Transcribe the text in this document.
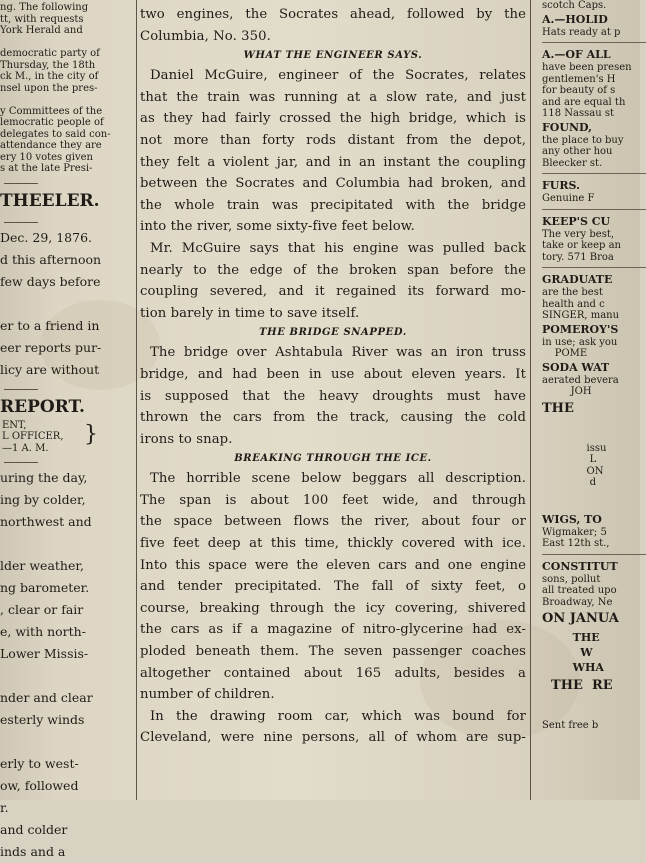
ng. The following
tt, with requests
York Herald and

democratic party of
Thursday, the 18th
ck M., in the city of
nsel upon the pres-

y Committees of the
lemocratic people of
delegates to said con-
attendance they are
ery 10 votes given
s at the late Presi-
THEELER.
Dec. 29, 1876.
d this afternoon
few days before

er to a friend in
eer reports pur-
licy are without
REPORT.
ENT,
L OFFICER,
—1 A. M.
}
uring the day,
ing by colder,
northwest and

lder weather,
ng barometer.
, clear or fair
e, with north-
Lower Missis-

nder and clear
esterly winds

erly to west-
ow, followed
r.
and colder
inds and a
two engines, the Socrates ahead, followed by the
Columbia, No. 350.
WHAT THE ENGINEER SAYS.
Daniel McGuire, engineer of the Socrates, relates
that the train was running at a slow rate, and just
as they had fairly crossed the high bridge, which is
not more than forty rods distant from the depot,
they felt a violent jar, and in an instant the coupling
between the Socrates and Columbia had broken, and
the whole train was precipitated with the bridge
into the river, some sixty-five feet below.
Mr. McGuire says that his engine was pulled back
nearly to the edge of the broken span before the
coupling severed, and it regained its forward mo-
tion barely in time to save itself.
THE BRIDGE SNAPPED.
The bridge over Ashtabula River was an iron truss
bridge, and had been in use about eleven years. It
is supposed that the heavy droughts must have
thrown the cars from the track, causing the cold
irons to snap.
BREAKING THROUGH THE ICE.
The horrible scene below beggars all description.
The span is about 100 feet wide, and through
the space between flows the river, about four or
five feet deep at this time, thickly covered with ice.
Into this space were the eleven cars and one engine
and tender precipitated. The fall of sixty feet, o
course, breaking through the icy covering, shivered
the cars as if a magazine of nitro-glycerine had ex-
ploded beneath them. The seven passenger coaches
altogether contained about 165 adults, besides a
number of children.
In the drawing room car, which was bound for
Cleveland, were nine persons, all of whom are sup-
scotch Caps.
A.—HOLID
Hats ready at p
A.—OF ALL
have been presen
gentlemen's H
for beauty of s
and are equal th
118 Nassau st
FOUND,
the place to buy
any other hou
Bleecker st.
FURS.
Genuine F
KEEP'S CU
The very best,
take or keep an
tory. 571 Broa
GRADUATE
are the best
health and c
SINGER, manu
POMEROY'S
in use; ask you
POME
SODA WAT
aerated bevera
JOH
THE

issu
L
ON
d

WIGS, TO
Wigmaker; 5
East 12th st.,
CONSTITUT
sons, pollut
all treated upo
Broadway, Ne
ON JANUA
THE
W
WHA
THE  RE

Sent free b
